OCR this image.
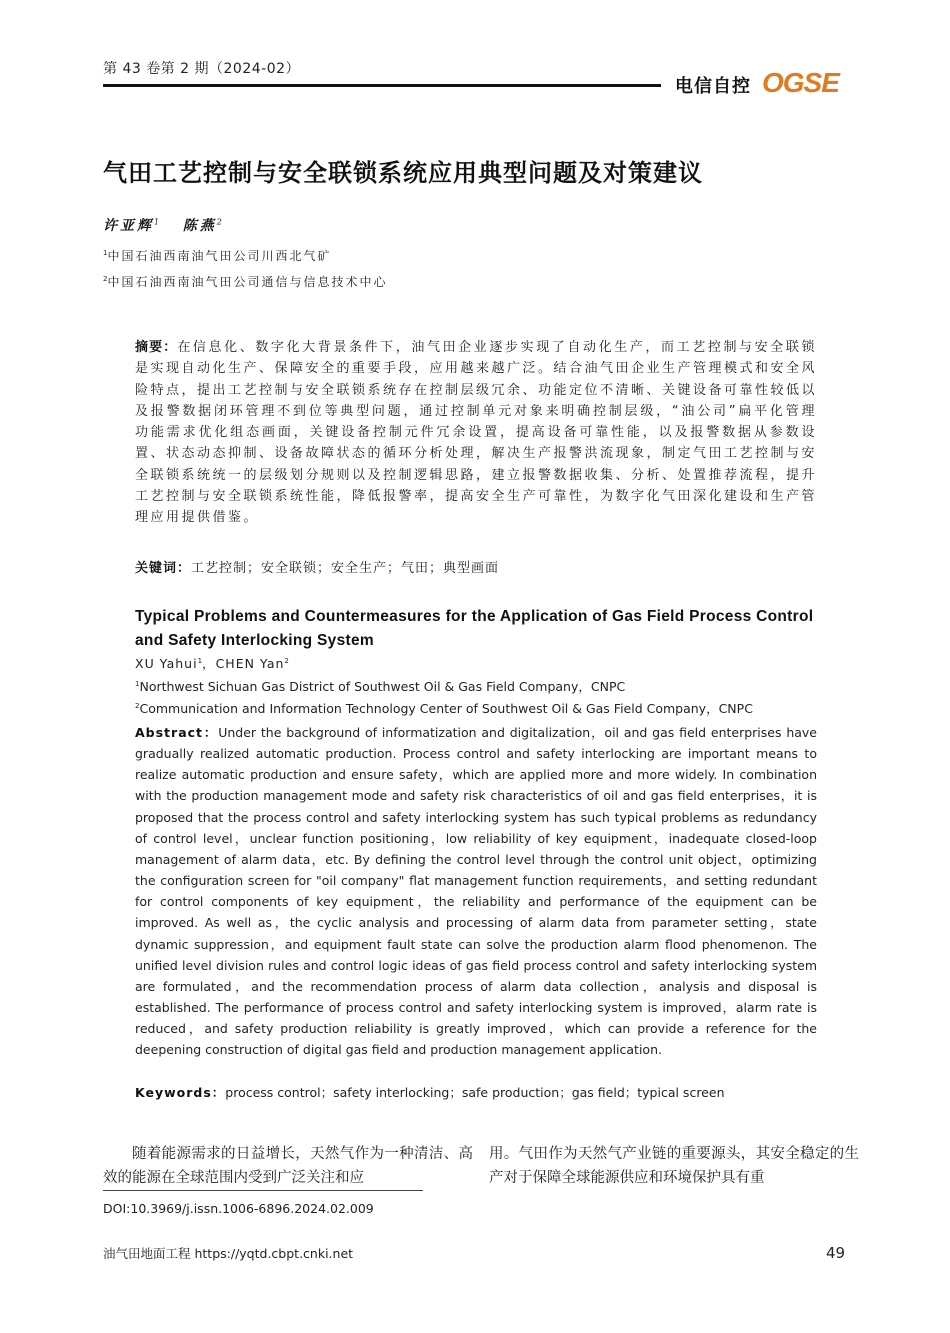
第 43 卷第 2 期（2024-02）
电信自控 OGSE
气田工艺控制与安全联锁系统应用典型问题及对策建议
许亚辉$^1$ 陈燕$^2$
$^1$中国石油西南油气田公司川西北气矿
$^2$中国石油西南油气田公司通信与信息技术中心
摘要：在信息化、数字化大背景条件下，油气田企业逐步实现了自动化生产，而工艺控制与安全联锁是实现自动化生产、保障安全的重要手段，应用越来越广泛。结合油气田企业生产管理模式和安全风险特点，提出工艺控制与安全联锁系统存在控制层级冗余、功能定位不清晰、关键设备可靠性较低以及报警数据闭环管理不到位等典型问题，通过控制单元对象来明确控制层级，“油公司”扁平化管理功能需求优化组态画面，关键设备控制元件冗余设置，提高设备可靠性能，以及报警数据从参数设置、状态动态抑制、设备故障状态的循环分析处理，解决生产报警洪流现象，制定气田工艺控制与安全联锁系统统一的层级划分规则以及控制逻辑思路，建立报警数据收集、分析、处置推荐流程，提升工艺控制与安全联锁系统性能，降低报警率，提高安全生产可靠性，为数字化气田深化建设和生产管理应用提供借鉴。
关键词：工艺控制；安全联锁；安全生产；气田；典型画面
Typical Problems and Countermeasures for the Application of Gas Field Process Control and Safety Interlocking System
XU Yahui$^1$，CHEN Yan$^2$
$^1$Northwest Sichuan Gas District of Southwest Oil & Gas Field Company，CNPC
$^2$Communication and Information Technology Center of Southwest Oil & Gas Field Company，CNPC
Abstract：Under the background of informatization and digitalization，oil and gas field enterprises have gradually realized automatic production. Process control and safety interlocking are important means to realize automatic production and ensure safety，which are applied more and more widely. In combination with the production management mode and safety risk characteristics of oil and gas field enterprises，it is proposed that the process control and safety interlocking system has such typical problems as redundancy of control level，unclear function positioning，low reliability of key equipment，inadequate closed-loop management of alarm data，etc. By defining the control level through the control unit object，optimizing the configuration screen for "oil company" flat management function requirements，and setting redundant for control components of key equipment，the reliability and performance of the equipment can be improved. As well as，the cyclic analysis and processing of alarm data from parameter setting，state dynamic suppression，and equipment fault state can solve the production alarm flood phenomenon. The unified level division rules and control logic ideas of gas field process control and safety interlocking system are formulated，and the recommendation process of alarm data collection，analysis and disposal is established. The performance of process control and safety interlocking system is improved，alarm rate is reduced，and safety production reliability is greatly improved，which can provide a reference for the deepening construction of digital gas field and production management application.
Keywords：process control；safety interlocking；safe production；gas field；typical screen
随着能源需求的日益增长，天然气作为一种清洁、高效的能源在全球范围内受到广泛关注和应
用。气田作为天然气产业链的重要源头，其安全稳定的生产对于保障全球能源供应和环境保护具有重
DOI:10.3969/j.issn.1006-6896.2024.02.009
油气田地面工程 https://yqtd.cbpt.cnki.net	49
